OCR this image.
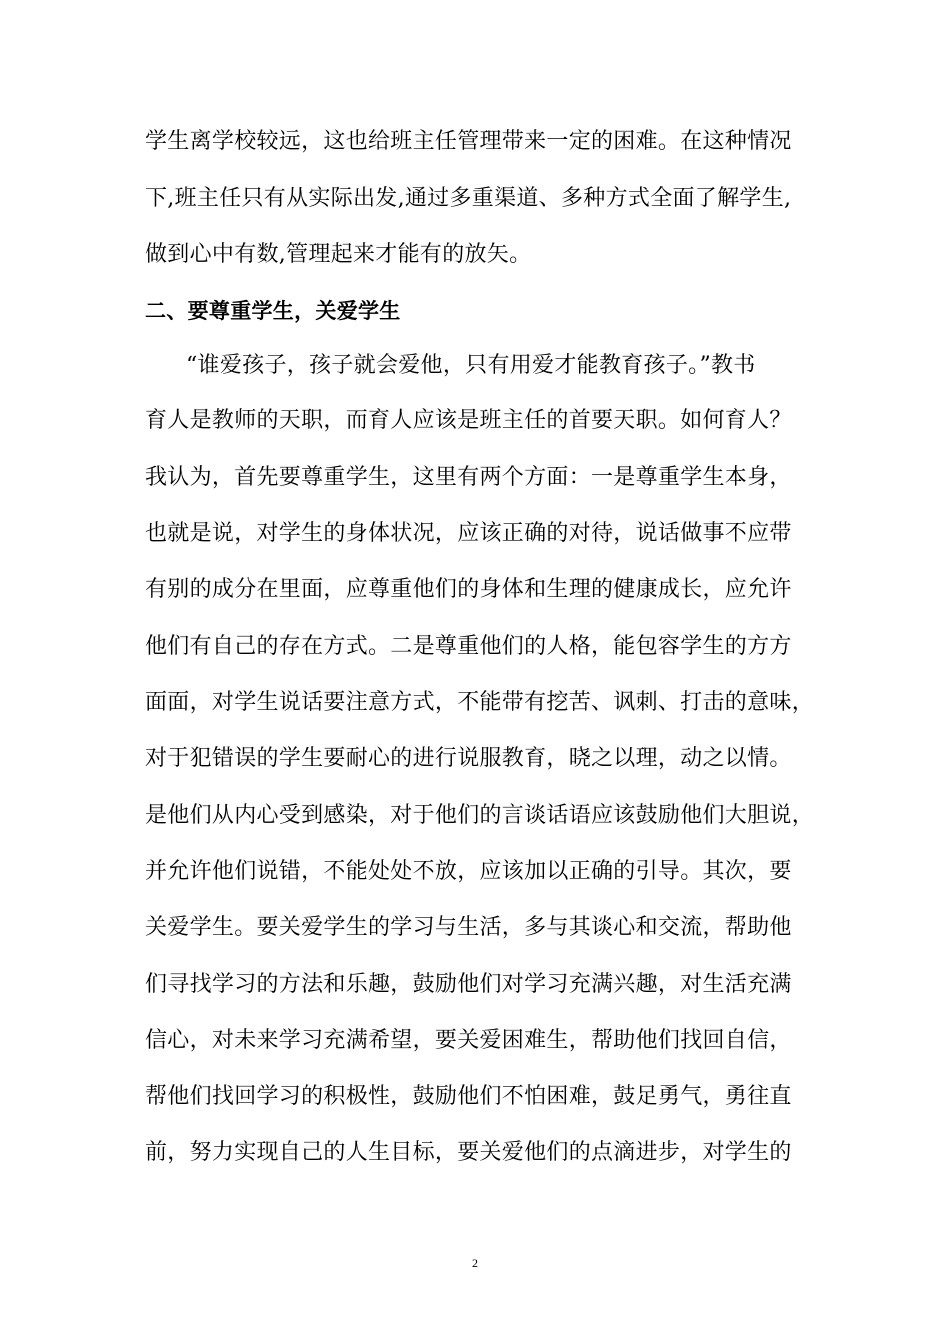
学生离学校较远，这也给班主任管理带来一定的困难。在这种情况
下,班主任只有从实际出发,通过多重渠道、多种方式全面了解学生,
做到心中有数,管理起来才能有的放矢。
二、要尊重学生，关爱学生
“谁爱孩子，孩子就会爱他，只有用爱才能教育孩子。”教书
育人是教师的天职，而育人应该是班主任的首要天职。如何育人？
我认为，首先要尊重学生，这里有两个方面：一是尊重学生本身，
也就是说，对学生的身体状况，应该正确的对待，说话做事不应带
有别的成分在里面，应尊重他们的身体和生理的健康成长，应允许
他们有自己的存在方式。二是尊重他们的人格，能包容学生的方方
面面，对学生说话要注意方式，不能带有挖苦、讽刺、打击的意味，
对于犯错误的学生要耐心的进行说服教育，晓之以理，动之以情。
是他们从内心受到感染，对于他们的言谈话语应该鼓励他们大胆说，
并允许他们说错，不能处处不放，应该加以正确的引导。其次，要
关爱学生。要关爱学生的学习与生活，多与其谈心和交流，帮助他
们寻找学习的方法和乐趣，鼓励他们对学习充满兴趣，对生活充满
信心，对未来学习充满希望，要关爱困难生，帮助他们找回自信，
帮他们找回学习的积极性，鼓励他们不怕困难，鼓足勇气，勇往直
前，努力实现自己的人生目标，要关爱他们的点滴进步，对学生的
2
